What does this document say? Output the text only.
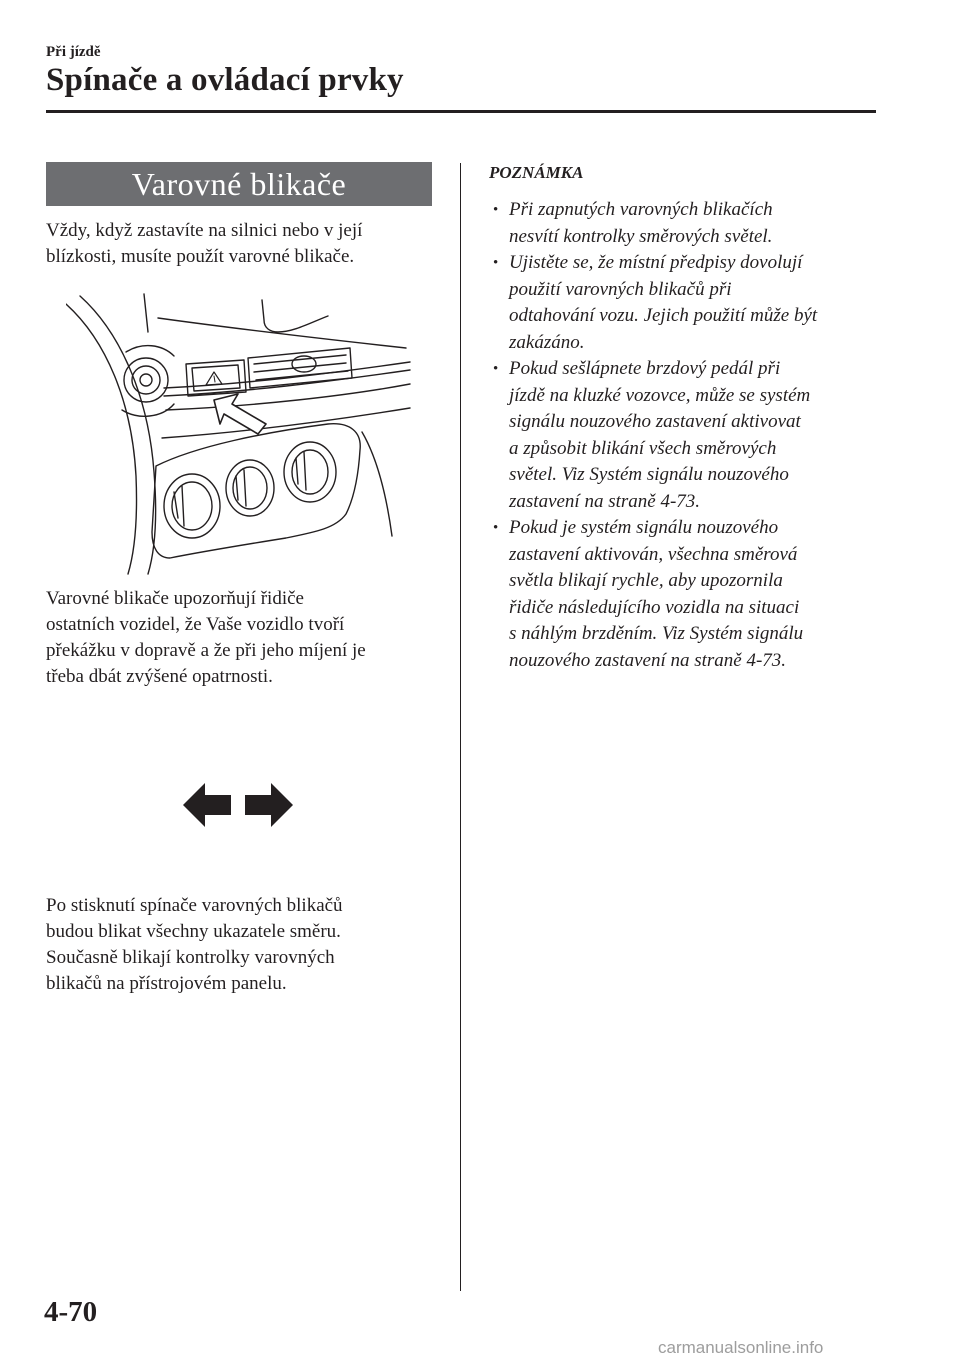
Při jízdě
Spínače a ovládací prvky
Varovné blikače
Vždy, když zastavíte na silnici nebo v její
blízkosti, musíte použít varovné blikače.
Varovné blikače upozorňují řidiče
ostatních vozidel, že Vaše vozidlo tvoří
překážku v dopravě a že při jeho míjení je
třeba dbát zvýšené opatrnosti.
Po stisknutí spínače varovných blikačů
budou blikat všechny ukazatele směru.
Současně blikají kontrolky varovných
blikačů na přístrojovém panelu.
POZNÁMKA
• Při zapnutých varovných blikačích
nesvítí kontrolky směrových světel.
• Ujistěte se, že místní předpisy dovolují
použití varovných blikačů při
odtahování vozu. Jejich použití může být
zakázáno.
• Pokud sešlápnete brzdový pedál při
jízdě na kluzké vozovce, může se systém
signálu nouzového zastavení aktivovat
a způsobit blikání všech směrových
světel. Viz Systém signálu nouzového
zastavení na straně 4-73.
• Pokud je systém signálu nouzového
zastavení aktivován, všechna směrová
světla blikají rychle, aby upozornila
řidiče následujícího vozidla na situaci
s náhlým brzděním. Viz Systém signálu
nouzového zastavení na straně 4-73.
4-70
carmanualsonline.info
